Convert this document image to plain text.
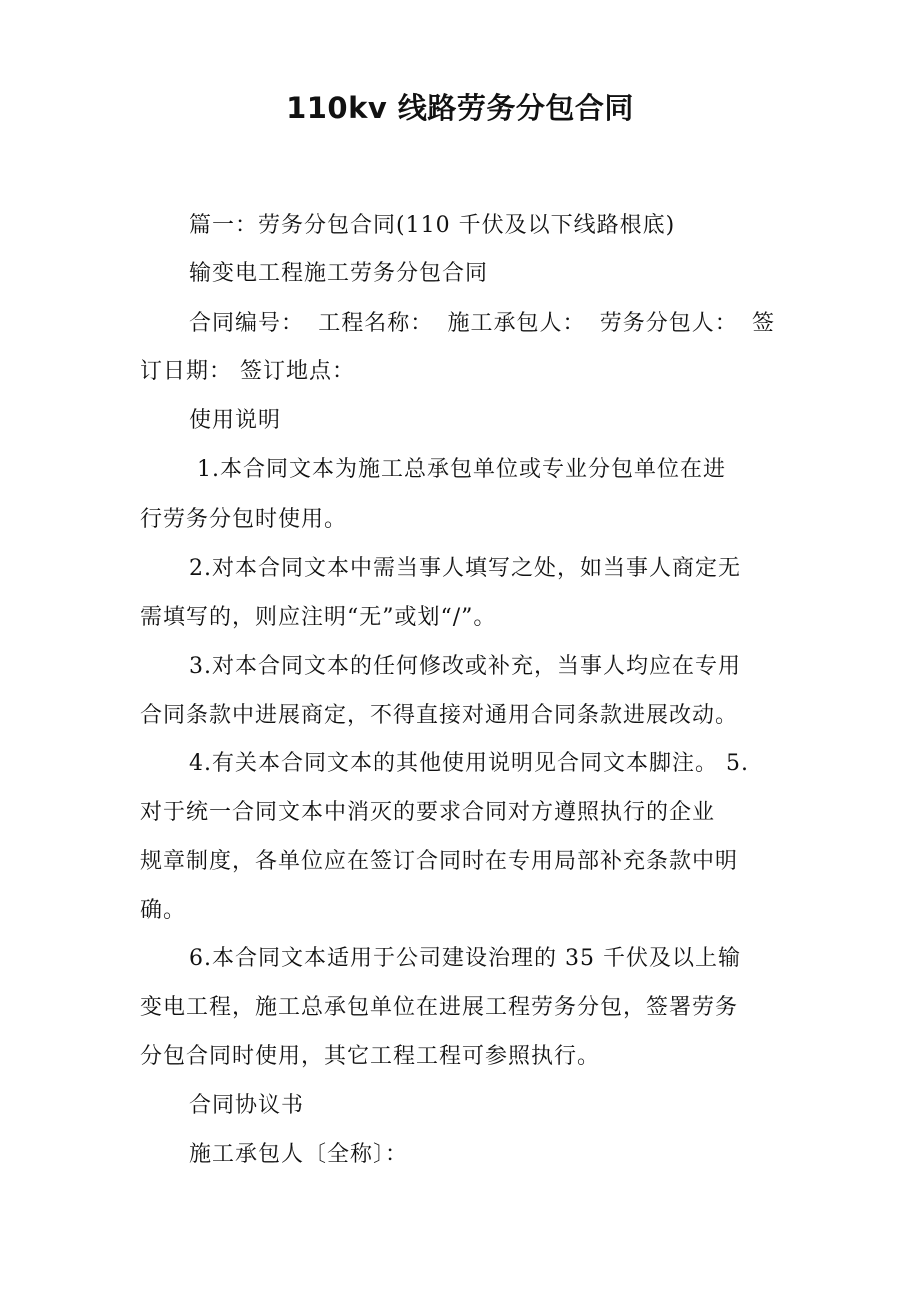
110kv 线路劳务分包合同

篇一：劳务分包合同(110 千伏及以下线路根底)

输变电工程施工劳务分包合同

合同编号： 工程名称： 施工承包人： 劳务分包人： 签

订日期： 签订地点：

使用说明

1.本合同文本为施工总承包单位或专业分包单位在进

行劳务分包时使用。

2.对本合同文本中需当事人填写之处，如当事人商定无

需填写的，则应注明“无”或划“/”。

3.对本合同文本的任何修改或补充，当事人均应在专用

合同条款中进展商定，不得直接对通用合同条款进展改动。

4.有关本合同文本的其他使用说明见合同文本脚注。 5.

对于统一合同文本中消灭的要求合同对方遵照执行的企业

规章制度，各单位应在签订合同时在专用局部补充条款中明

确。

6.本合同文本适用于公司建设治理的 35 千伏及以上输

变电工程，施工总承包单位在进展工程劳务分包，签署劳务

分包合同时使用，其它工程工程可参照执行。

合同协议书

施工承包人〔全称〕：
